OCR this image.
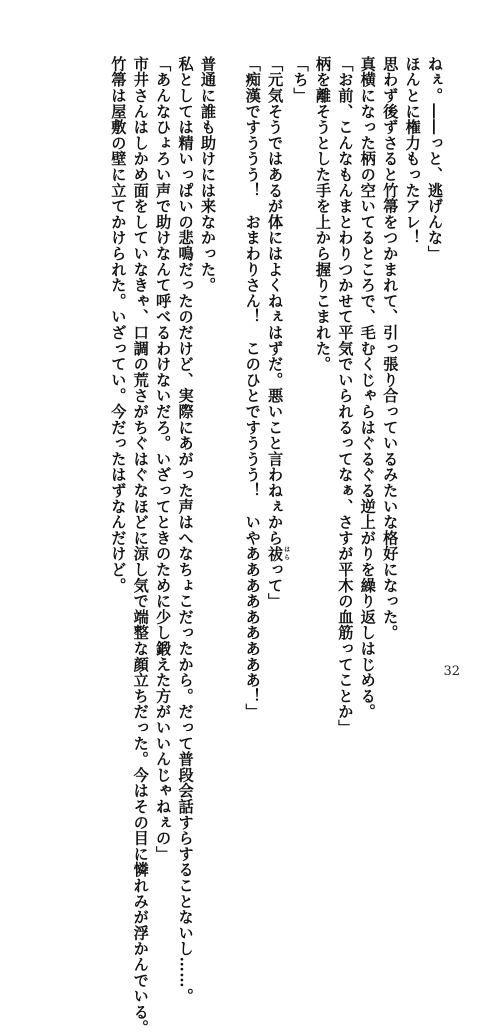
ねぇ。――っと、逃げんな」
ほんとに権力もったアレ！
思わず後ずさると竹箒をつかまれて、引っ張り合っているみたいな格好になった。
真横になった柄の空いてるところで、毛むくじゃらはぐるぐる逆上がりを繰り返しはじめる。
「お前、こんなもんまとわりつかせて平気でいられるってなぁ、さすが平木の血筋ってことか」
柄を離そうとした手を上から握りこまれた。
「ち」
「元気そうではあるが体にはよくねぇはずだ。悪いこと言わねぇから祓はらって」
「痴漢ですううう！　おまわりさん！　このひとですううう！　いやあああああああああ！」
普通に誰も助けには来なかった。
私としては精いっぱいの悲鳴だったのだけど、実際にあがった声はへなちょこだったから。だって普段会話すらすることないし……。
「あんなひょろい声で助けなんて呼べるわけないだろ。いざってときのために少し鍛えた方がいいんじゃねぇの」
市井さんはしかめ面をしていなきゃ、口調の荒さがちぐはぐなほどに涼し気で端整な顔立ちだった。今はその目に憐れみが浮かんでいる。
竹箒は屋敷の壁に立てかけられた。いざってい。今だったはずなんだけど。
32
